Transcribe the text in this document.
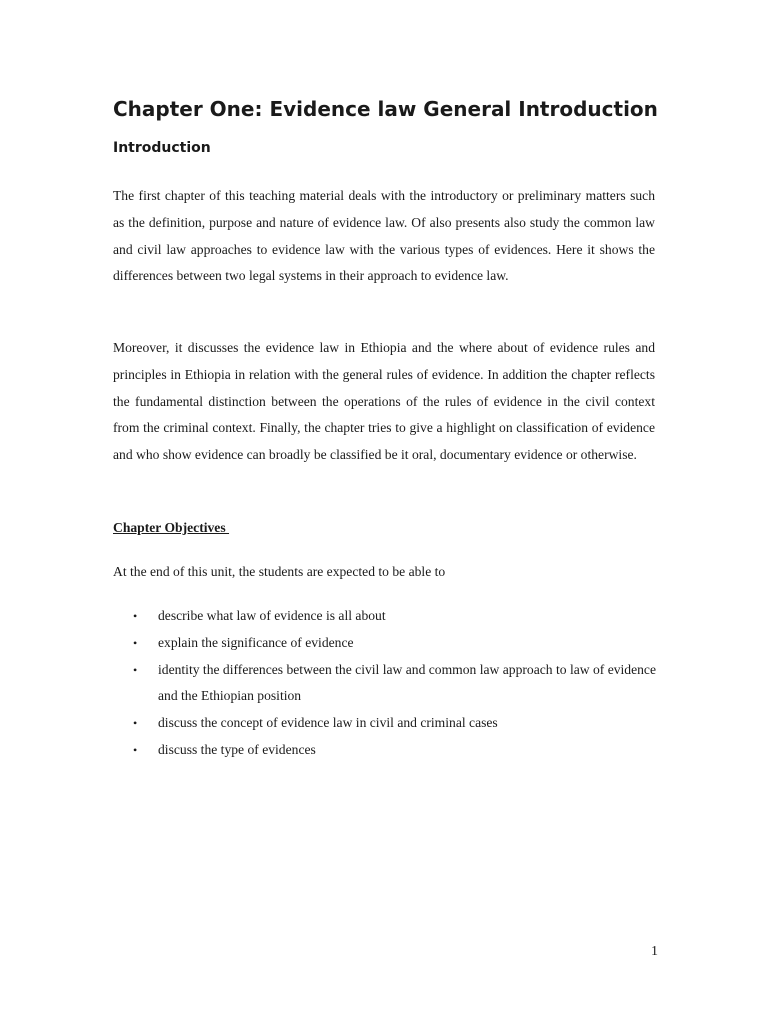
Chapter One: Evidence law General Introduction
Introduction

The first chapter of this teaching material deals with the introductory or preliminary matters such as the definition, purpose and nature of evidence law. Of also presents also study the common law and civil law approaches to evidence law with the various types of evidences. Here it shows the differences between two legal systems in their approach to evidence law.

Moreover, it discusses the evidence law in Ethiopia and the where about of evidence rules and principles in Ethiopia in relation with the general rules of evidence. In addition the chapter reflects the fundamental distinction between the operations of the rules of evidence in the civil context from the criminal context. Finally, the chapter tries to give a highlight on classification of evidence and who show evidence can broadly be classified be it oral, documentary evidence or otherwise.

Chapter Objectives

At the end of this unit, the students are expected to be able to

• describe what law of evidence is all about
• explain the significance of evidence
• identity the differences between the civil law and common law approach to law of evidence and the Ethiopian position
• discuss the concept of evidence law in civil and criminal cases
• discuss the type of evidences

1
